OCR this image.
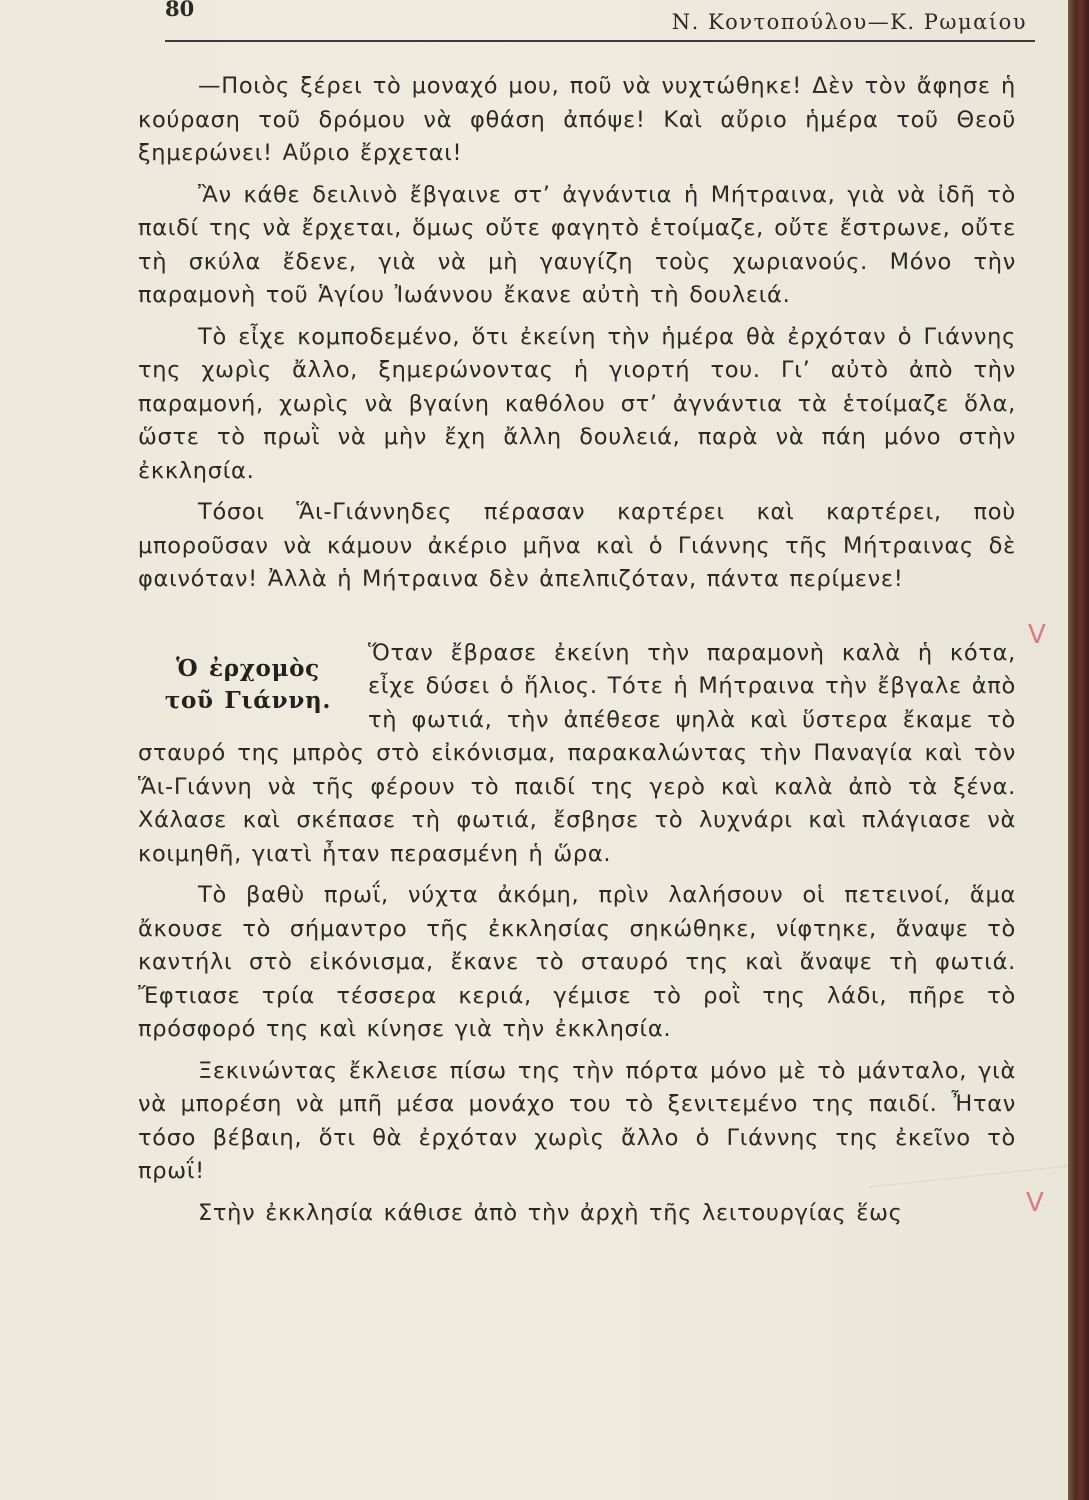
80
Ν. Κοντοπούλου—Κ. Ρωμαίου

—Ποιὸς ξέρει τὸ μοναχό μου, ποῦ νὰ νυχτώθηκε! Δὲν τὸν ἄφησε ἡ κούραση τοῦ δρόμου νὰ φθάση ἀπόψε! Καὶ αὔριο ἡμέρα τοῦ Θεοῦ ξημερώνει! Αὔριο ἔρχεται!

Ἂν κάθε δειλινὸ ἔβγαινε στ’ ἀγνάντια ἡ Μήτραινα, γιὰ νὰ ἰδῆ τὸ παιδί της νὰ ἔρχεται, ὅμως οὔτε φαγητὸ ἑτοίμαζε, οὔτε ἔστρωνε, οὔτε τὴ σκύλα ἔδενε, γιὰ νὰ μὴ γαυγίζη τοὺς χωριανούς. Μόνο τὴν παραμονὴ τοῦ Ἁγίου Ἰωάννου ἔκανε αὐτὴ τὴ δουλειά.

Τὸ εἶχε κομποδεμένο, ὅτι ἐκείνη τὴν ἡμέρα θὰ ἐρχόταν ὁ Γιάννης της χωρὶς ἄλλο, ξημερώνοντας ἡ γιορτή του. Γι’ αὐτὸ ἀπὸ τὴν παραμονή, χωρὶς νὰ βγαίνη καθόλου στ’ ἀγνάντια τὰ ἑτοίμαζε ὅλα, ὥστε τὸ πρωῒ νὰ μὴν ἔχη ἄλλη δουλειά, παρὰ νὰ πάη μόνο στὴν ἐκκλησία.

Τόσοι Ἅι-Γιάννηδες πέρασαν καρτέρει καὶ καρτέρει, ποὺ μποροῦσαν νὰ κάμουν ἀκέριο μῆνα καὶ ὁ Γιάννης τῆς Μήτραινας δὲ φαινόταν! Ἀλλὰ ἡ Μήτραινα δὲν ἀπελπιζόταν, πάντα περίμενε!

Ὁ ἐρχομὸς
τοῦ Γιάννη.

Ὅταν ἔβρασε ἐκείνη τὴν παραμονὴ καλὰ ἡ κότα, εἶχε δύσει ὁ ἥλιος. Τότε ἡ Μήτραινα τὴν ἔβγαλε ἀπὸ τὴ φωτιά, τὴν ἀπέθεσε ψηλὰ καὶ ὕστερα ἔκαμε τὸ σταυρό της μπρὸς στὸ εἰκόνισμα, παρακαλώντας τὴν Παναγία καὶ τὸν Ἅι-Γιάννη νὰ τῆς φέρουν τὸ παιδί της γερὸ καὶ καλὰ ἀπὸ τὰ ξένα. Χάλασε καὶ σκέπασε τὴ φωτιά, ἔσβησε τὸ λυχνάρι καὶ πλάγιασε νὰ κοιμηθῆ, γιατὶ ἦταν περασμένη ἡ ὥρα.

Τὸ βαθὺ πρωΐ, νύχτα ἀκόμη, πρὶν λαλήσουν οἱ πετεινοί, ἅμα ἄκουσε τὸ σήμαντρο τῆς ἐκκλησίας σηκώθηκε, νίφτηκε, ἄναψε τὸ καντήλι στὸ εἰκόνισμα, ἔκανε τὸ σταυρό της καὶ ἄναψε τὴ φωτιά. Ἔφτιασε τρία τέσσερα κεριά, γέμισε τὸ ροῒ της λάδι, πῆρε τὸ πρόσφορό της καὶ κίνησε γιὰ τὴν ἐκκλησία.

Ξεκινώντας ἔκλεισε πίσω της τὴν πόρτα μόνο μὲ τὸ μάνταλο, γιὰ νὰ μπορέση νὰ μπῆ μέσα μονάχο του τὸ ξενιτεμένο της παιδί. Ἦταν τόσο βέβαιη, ὅτι θὰ ἐρχόταν χωρὶς ἄλλο ὁ Γιάννης της ἐκεῖνο τὸ πρωΐ!

Στὴν ἐκκλησία κάθισε ἀπὸ τὴν ἀρχὴ τῆς λειτουργίας ἕως

V
V
